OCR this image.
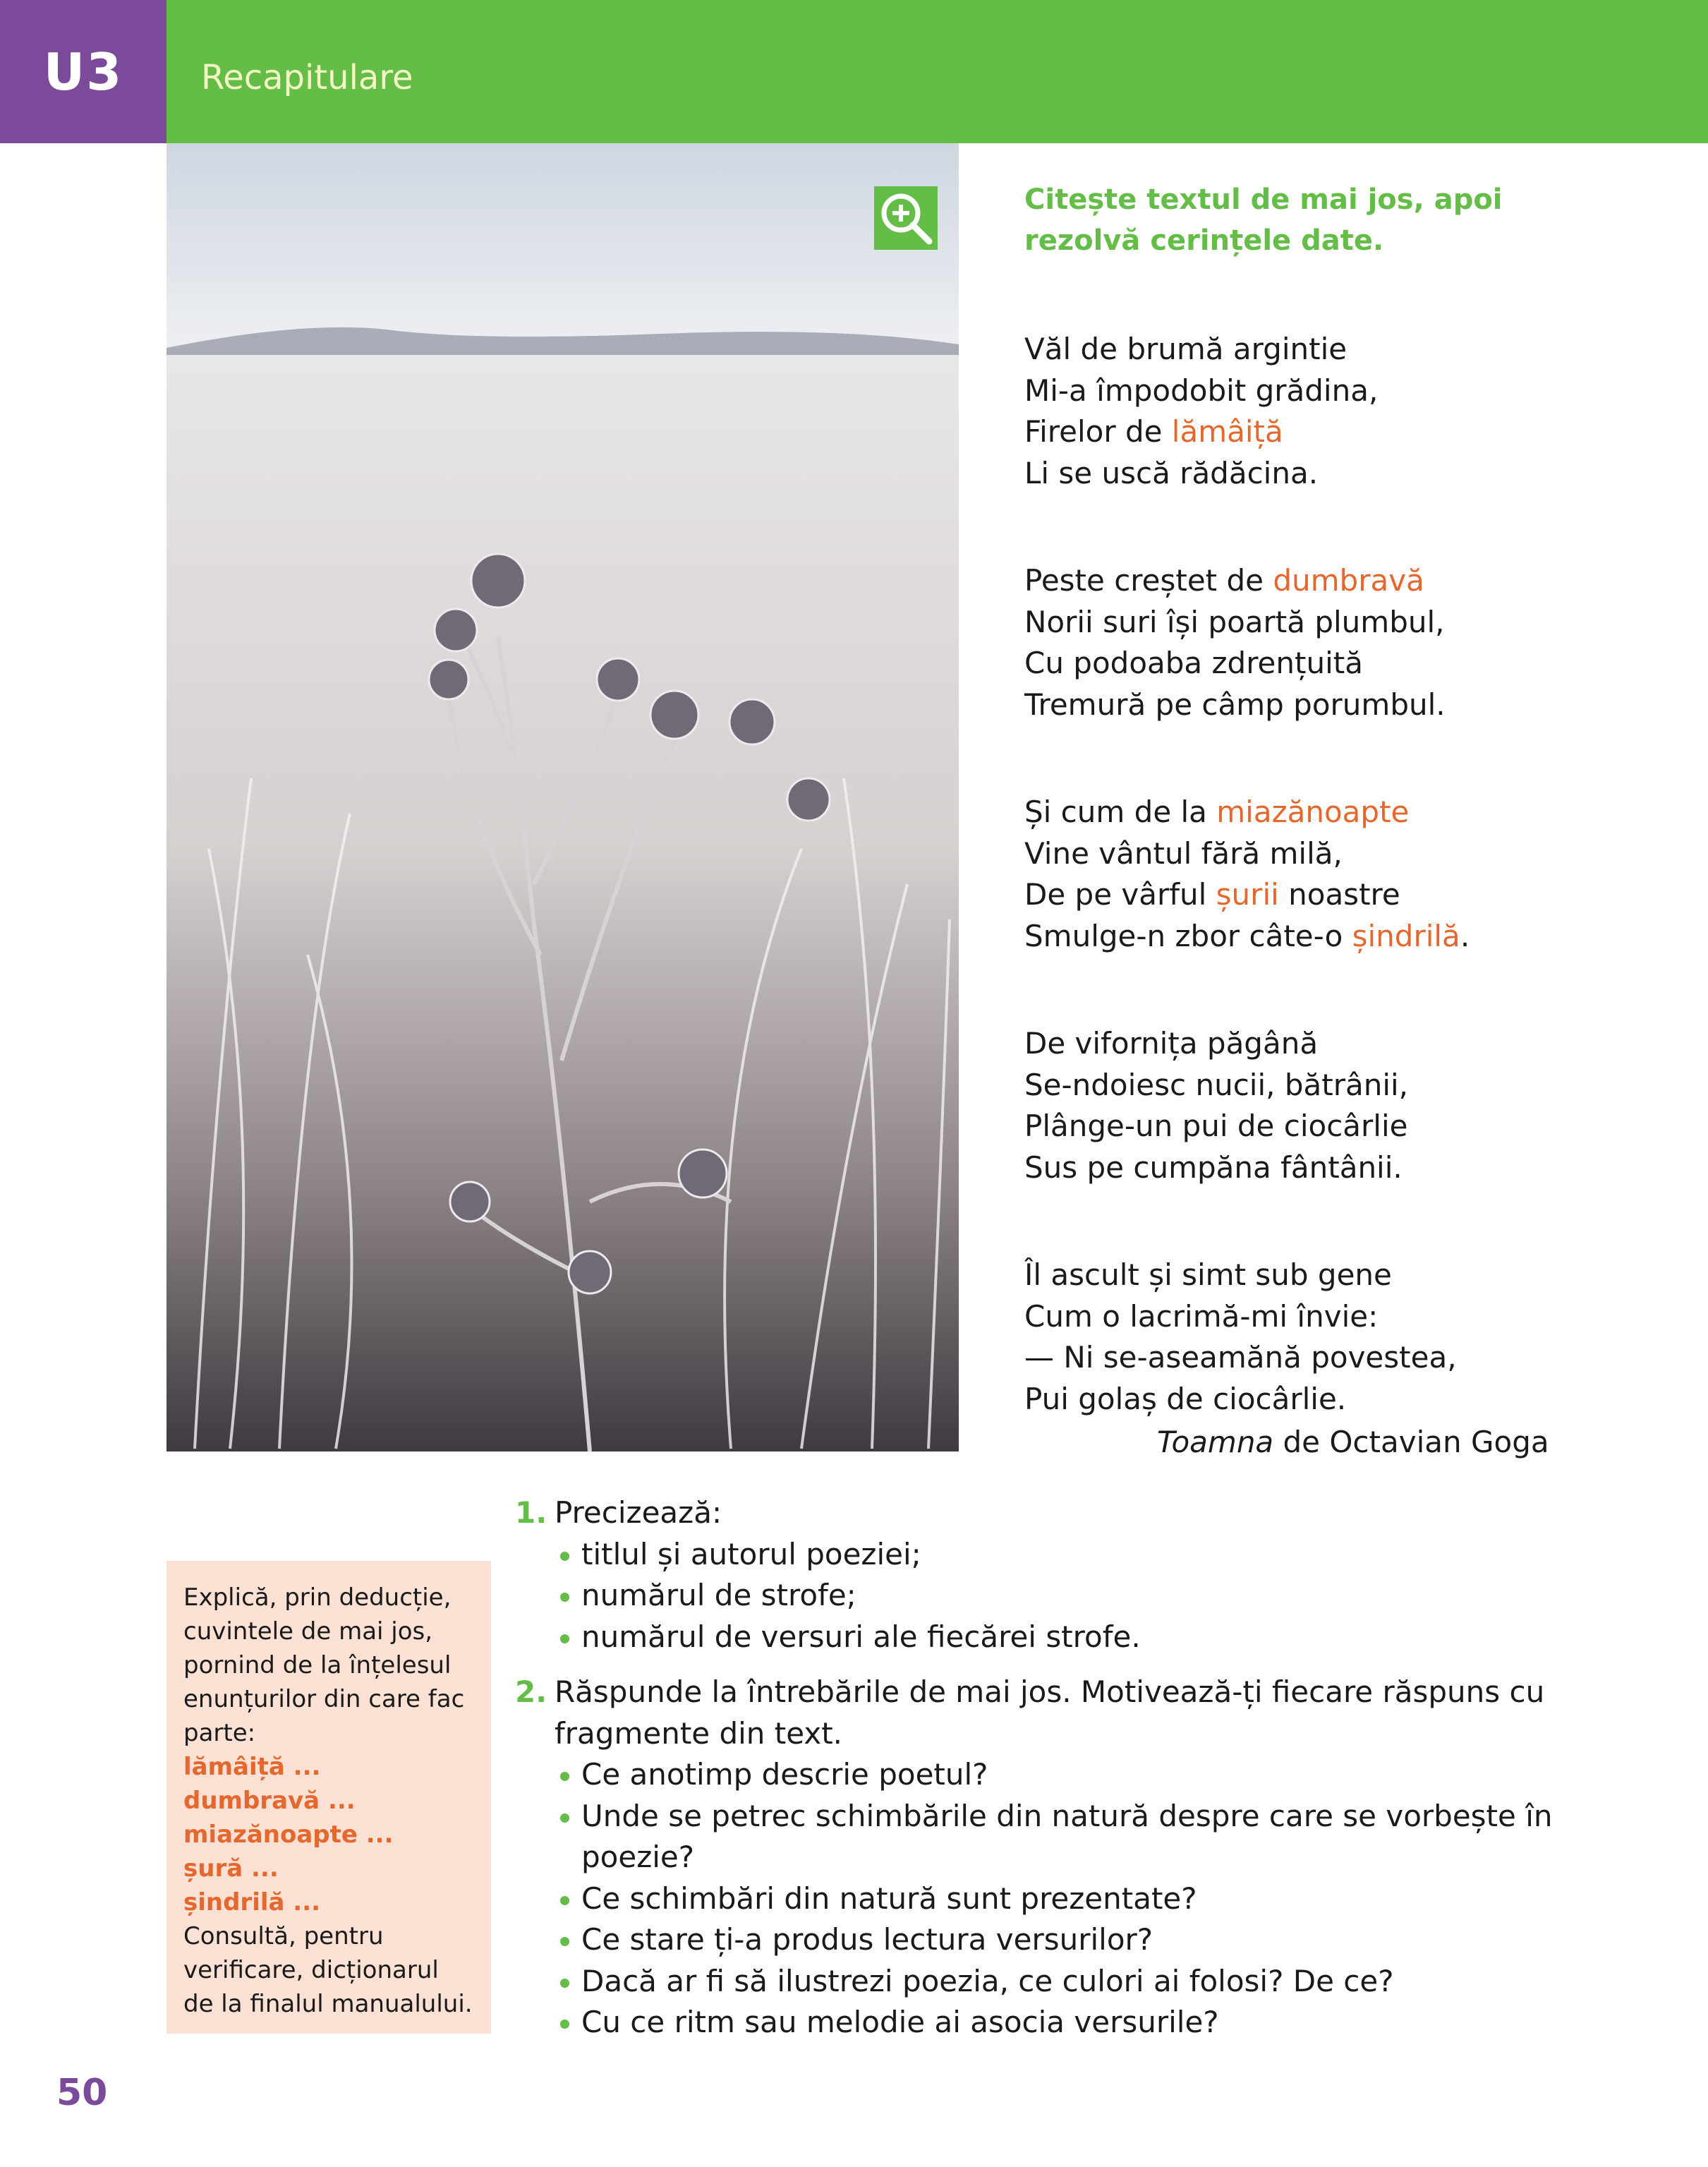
U3	Recapitulare
Citește textul de mai jos, apoi rezolvă cerințele date.
Văl de brumă argintie
Mi-a împodobit grădina,
Firelor de lămâiță
Li se uscă rădăcina.
Peste creștet de dumbravă
Norii suri își poartă plumbul,
Cu podoaba zdrențuită
Tremură pe câmp porumbul.
Și cum de la miazănoapte
Vine vântul fără milă,
De pe vârful șurii noastre
Smulge-n zbor câte-o șindrilă.
De vifornița păgână
Se-ndoiesc nucii, bătrânii,
Plânge-un pui de ciocârlie
Sus pe cumpăna fântânii.
Îl ascult și simt sub gene
Cum o lacrimă-mi învie:
— Ni se-aseamănă povestea,
Pui golaș de ciocârlie.
Toamna de Octavian Goga

Explică, prin deducție, cuvintele de mai jos, pornind de la înțelesul enunțurilor din care fac parte:

lămâiță ...
dumbravă ...
miazănoapte ...
șură ...
șindrilă ...

Consultă, pentru verificare, dicționarul de la finalul manualului.

1. Precizează:
titlul și autorul poeziei;
numărul de strofe;
numărul de versuri ale fiecărei strofe.
2. Răspunde la întrebările de mai jos. Motivează-ți fiecare răspuns cu fragmente din text.
Ce anotimp descrie poetul?
Unde se petrec schimbările din natură despre care se vorbește în poezie?
Ce schimbări din natură sunt prezentate?
Ce stare ți-a produs lectura versurilor?
Dacă ar fi să ilustrezi poezia, ce culori ai folosi? De ce?
Cu ce ritm sau melodie ai asocia versurile?
50
